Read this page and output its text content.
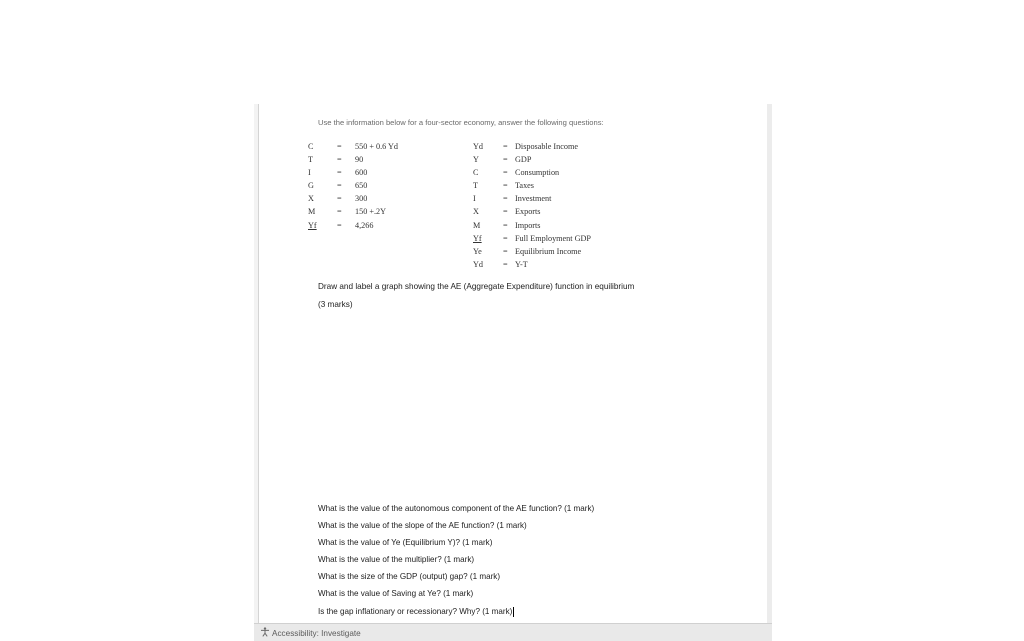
Use the information below for a four-sector economy, answer the following questions:
C	= 550 + 0.6 Yd
T	= 90
I	= 600
G	= 650
X	= 300
M	= 150 +.2Y
Yf = 4,266
Yd = Disposable Income
Y	= GDP
C	= Consumption
T	= Taxes
I	= Investment
X	= Exports
M	= Imports
Yf	= Full Employment GDP
Ye	= Equilibrium Income
Yd = Y-T
Draw and label a graph showing the AE (Aggregate Expenditure) function in equilibrium
(3 marks)
What is the value of the autonomous component of the AE function? (1 mark)
What is the value of the slope of the AE function? (1 mark)
What is the value of Ye (Equilibrium Y)? (1 mark)
What is the value of the multiplier? (1 mark)
What is the size of the GDP (output) gap? (1 mark)
What is the value of Saving at Ye? (1 mark)
Is the gap inflationary or recessionary? Why? (1 mark)
Accessibility: Investigate
